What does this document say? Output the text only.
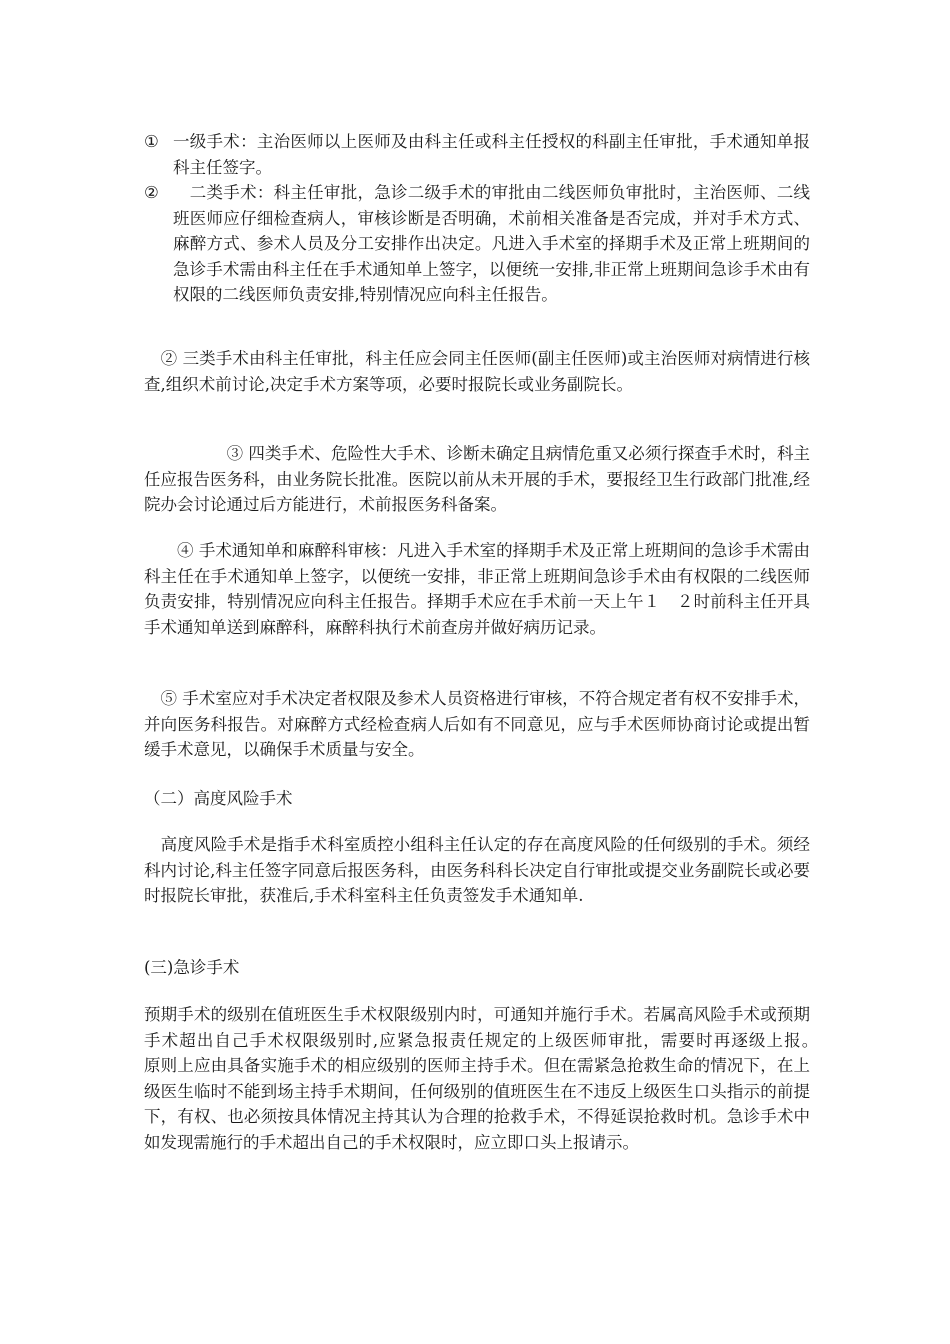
① 一级手术：主治医师以上医师及由科主任或科主任授权的科副主任审批，手术通知单报科主任签字。
② 　二类手术：科主任审批，急诊二级手术的审批由二线医师负审批时，主治医师、二线班医师应仔细检查病人，审核诊断是否明确，术前相关准备是否完成，并对手术方式、麻醉方式、参术人员及分工安排作出决定。凡进入手术室的择期手术及正常上班期间的急诊手术需由科主任在手术通知单上签字，以便统一安排,非正常上班期间急诊手术由有权限的二线医师负责安排,特别情况应向科主任报告。

　② 三类手术由科主任审批，科主任应会同主任医师(副主任医师)或主治医师对病情进行核查,组织术前讨论,决定手术方案等项，必要时报院长或业务副院长。

　　　　　③ 四类手术、危险性大手术、诊断未确定且病情危重又必须行探查手术时，科主任应报告医务科，由业务院长批准。医院以前从未开展的手术，要报经卫生行政部门批准,经院办会讨论通过后方能进行，术前报医务科备案。

　　④ 手术通知单和麻醉科审核：凡进入手术室的择期手术及正常上班期间的急诊手术需由科主任在手术通知单上签字，以便统一安排，非正常上班期间急诊手术由有权限的二线医师负责安排，特别情况应向科主任报告。择期手术应在手术前一天上午１　２时前科主任开具手术通知单送到麻醉科，麻醉科执行术前查房并做好病历记录。

　⑤ 手术室应对手术决定者权限及参术人员资格进行审核，不符合规定者有权不安排手术，并向医务科报告。对麻醉方式经检查病人后如有不同意见，应与手术医师协商讨论或提出暂缓手术意见，以确保手术质量与安全。

（二）高度风险手术

　高度风险手术是指手术科室质控小组科主任认定的存在高度风险的任何级别的手术。须经科内讨论,科主任签字同意后报医务科，由医务科科长决定自行审批或提交业务副院长或必要时报院长审批，获准后,手术科室科主任负责签发手术通知单.

(三)急诊手术

预期手术的级别在值班医生手术权限级别内时，可通知并施行手术。若属高风险手术或预期手术超出自己手术权限级别时,应紧急报责任规定的上级医师审批，需要时再逐级上报。　　原则上应由具备实施手术的相应级别的医师主持手术。但在需紧急抢救生命的情况下，在上级医生临时不能到场主持手术期间，任何级别的值班医生在不违反上级医生口头指示的前提下，有权、也必须按具体情况主持其认为合理的抢救手术，不得延误抢救时机。急诊手术中如发现需施行的手术超出自己的手术权限时，应立即口头上报请示。
